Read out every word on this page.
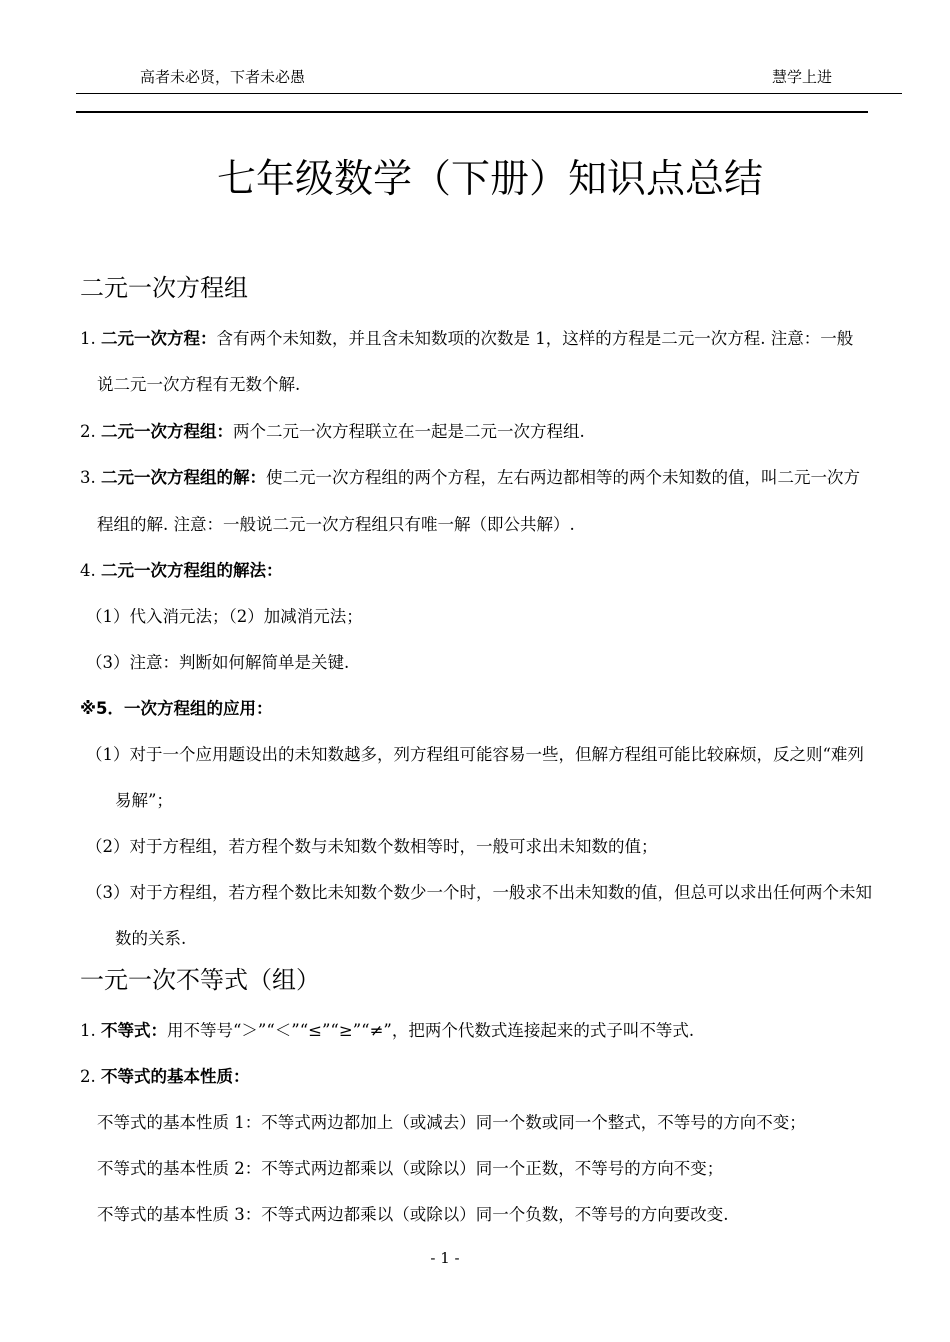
高者未必贤，下者未必愚	慧学上进
七年级数学（下册）知识点总结
二元一次方程组
1. 二元一次方程：含有两个未知数，并且含未知数项的次数是 1，这样的方程是二元一次方程. 注意：一般
说二元一次方程有无数个解.
2. 二元一次方程组：两个二元一次方程联立在一起是二元一次方程组.
3. 二元一次方程组的解：使二元一次方程组的两个方程，左右两边都相等的两个未知数的值，叫二元一次方
程组的解. 注意：一般说二元一次方程组只有唯一解（即公共解）.
4. 二元一次方程组的解法：
（1）代入消元法；（2）加减消元法；
（3）注意：判断如何解简单是关键.
※5．一次方程组的应用：
（1）对于一个应用题设出的未知数越多，列方程组可能容易一些，但解方程组可能比较麻烦，反之则“难列
易解”；
（2）对于方程组，若方程个数与未知数个数相等时，一般可求出未知数的值；
（3）对于方程组，若方程个数比未知数个数少一个时，一般求不出未知数的值，但总可以求出任何两个未知
数的关系.
一元一次不等式（组）
1. 不等式：用不等号“＞”“＜”“≤”“≥”“≠”，把两个代数式连接起来的式子叫不等式.
2. 不等式的基本性质：
不等式的基本性质 1：不等式两边都加上（或减去）同一个数或同一个整式，不等号的方向不变；
不等式的基本性质 2：不等式两边都乘以（或除以）同一个正数，不等号的方向不变；
不等式的基本性质 3：不等式两边都乘以（或除以）同一个负数，不等号的方向要改变.
- 1 -
